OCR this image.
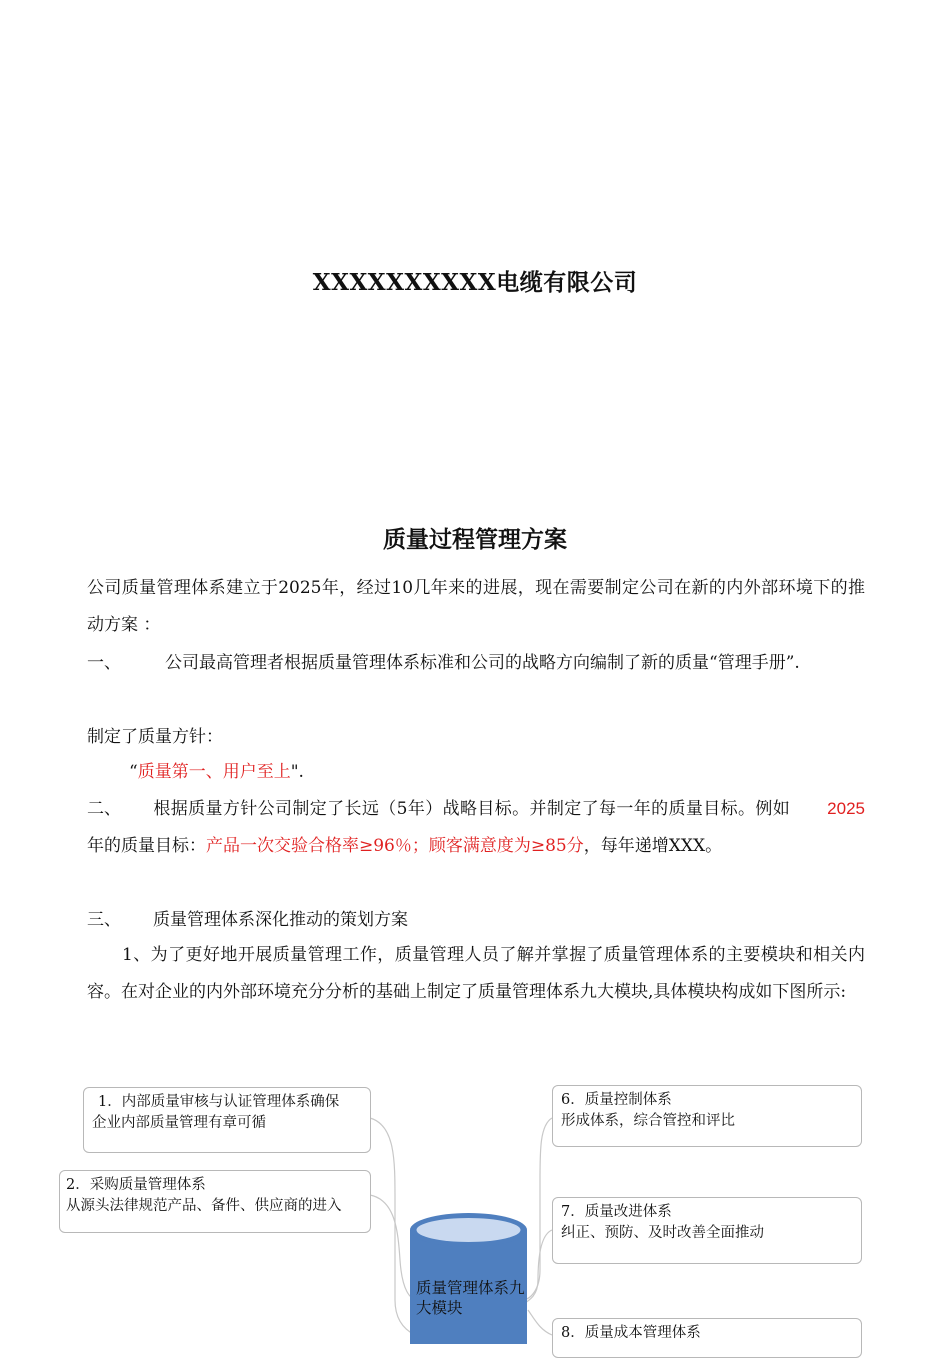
XXXXXXXXXX电缆有限公司
质量过程管理方案

公司质量管理体系建立于2025年，经过10几年来的进展，现在需要制定公司在新的内外部环境下的推动方案 ：

一、	公司最高管理者根据质量管理体系标准和公司的战略方向编制了新的质量“管理手册”.

制定了质量方针：

“质量第一、用户至上".

二、 根据质量方针公司制定了长远（5年）战略目标。并制定了每一年的质量目标。例如 2025年的质量目标：产品一次交验合格率≥96％；顾客满意度为≥85分，每年递增XXX。

三、 质量管理体系深化推动的策划方案

1、为了更好地开展质量管理工作，质量管理人员了解并掌握了质量管理体系的主要模块和相关内容。在对企业的内外部环境充分分析的基础上制定了质量管理体系九大模块,具体模块构成如下图所示:

质量管理体系九大模块
1．内部质量审核与认证管理体系确保
企业内部质量管理有章可循
2．采购质量管理体系
从源头法律规范产品、备件、供应商的进入
6．质量控制体系
形成体系，综合管控和评比
7．质量改进体系
纠正、预防、及时改善全面推动
8．质量成本管理体系
